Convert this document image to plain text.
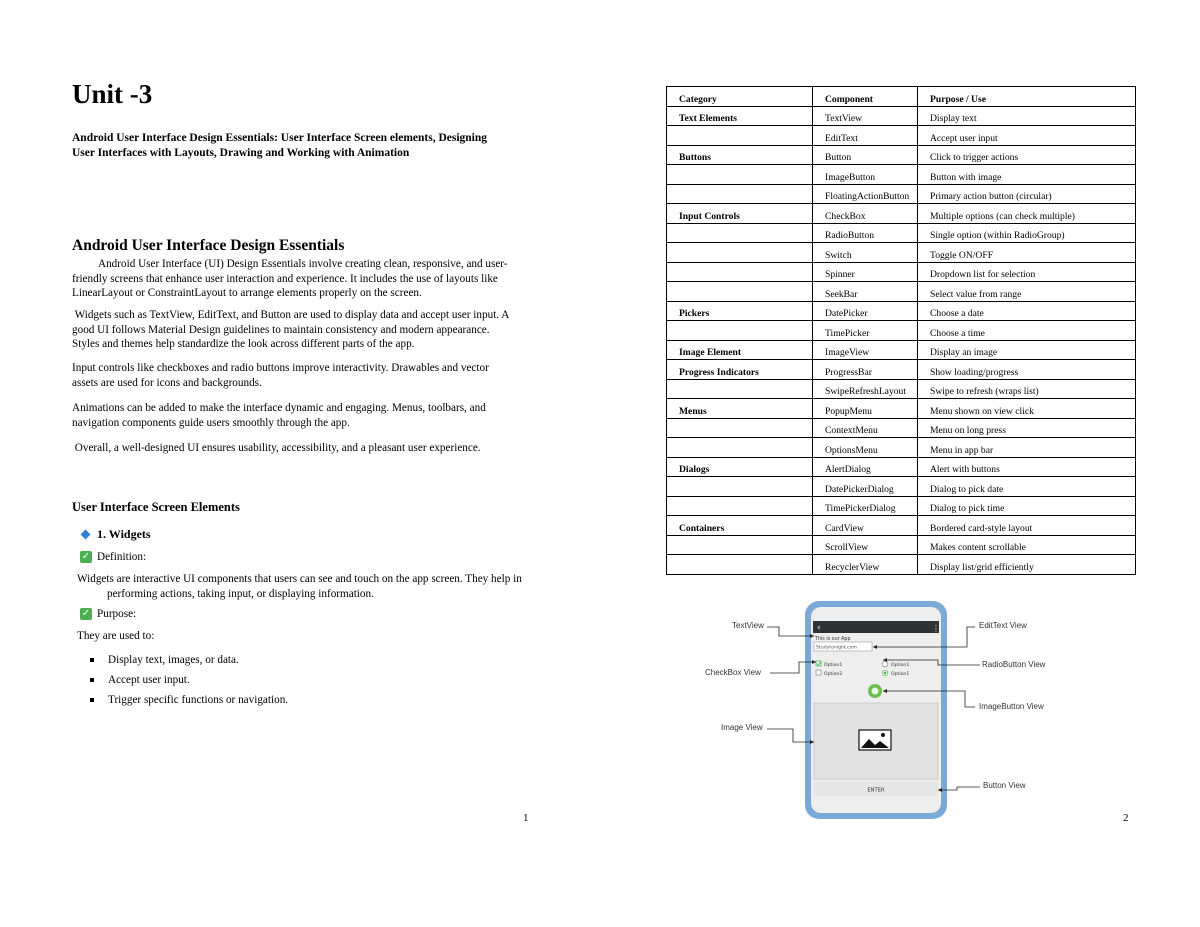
Unit -3
Android User Interface Design Essentials: User Interface Screen elements, Designing
User Interfaces with Layouts, Drawing and Working with Animation
Android User Interface Design Essentials
Android User Interface (UI) Design Essentials involve creating clean, responsive, and user-
friendly screens that enhance user interaction and experience. It includes the use of layouts like
LinearLayout or ConstraintLayout to arrange elements properly on the screen.
Widgets such as TextView, EditText, and Button are used to display data and accept user input. A
good UI follows Material Design guidelines to maintain consistency and modern appearance.
Styles and themes help standardize the look across different parts of the app.
Input controls like checkboxes and radio buttons improve interactivity. Drawables and vector
assets are used for icons and backgrounds.
Animations can be added to make the interface dynamic and engaging. Menus, toolbars, and
navigation components guide users smoothly through the app.
Overall, a well-designed UI ensures usability, accessibility, and a pleasant user experience.
User Interface Screen Elements
1. Widgets
✓ Definition:
Widgets are interactive UI components that users can see and touch on the app screen. They help in
performing actions, taking input, or displaying information.
✓ Purpose:
They are used to:
Display text, images, or data.
Accept user input.
Trigger specific functions or navigation.
1
Category	Component	Purpose / Use
Text Elements	TextView	Display text
	EditText	Accept user input
Buttons	Button	Click to trigger actions
	ImageButton	Button with image
	FloatingActionButton	Primary action button (circular)
Input Controls	CheckBox	Multiple options (can check multiple)
	RadioButton	Single option (within RadioGroup)
	Switch	Toggle ON/OFF
	Spinner	Dropdown list for selection
	SeekBar	Select value from range
Pickers	DatePicker	Choose a date
	TimePicker	Choose a time
Image Element	ImageView	Display an image
Progress Indicators	ProgressBar	Show loading/progress
	SwipeRefreshLayout	Swipe to refresh (wraps list)
Menus	PopupMenu	Menu shown on view click
	ContextMenu	Menu on long press
	OptionsMenu	Menu in app bar
Dialogs	AlertDialog	Alert with buttons
	DatePickerDialog	Dialog to pick date
	TimePickerDialog	Dialog to pick time
Containers	CardView	Bordered card-style layout
	ScrollView	Makes content scrollable
	RecyclerView	Display list/grid efficiently
‹	⋮
This is our App
Studytonight.com
Option1
Option2
Option1
Option1
ENTER
TextView	EditText View
CheckBox View
RadioButton View
ImageButton View
Image View
Button View
2
